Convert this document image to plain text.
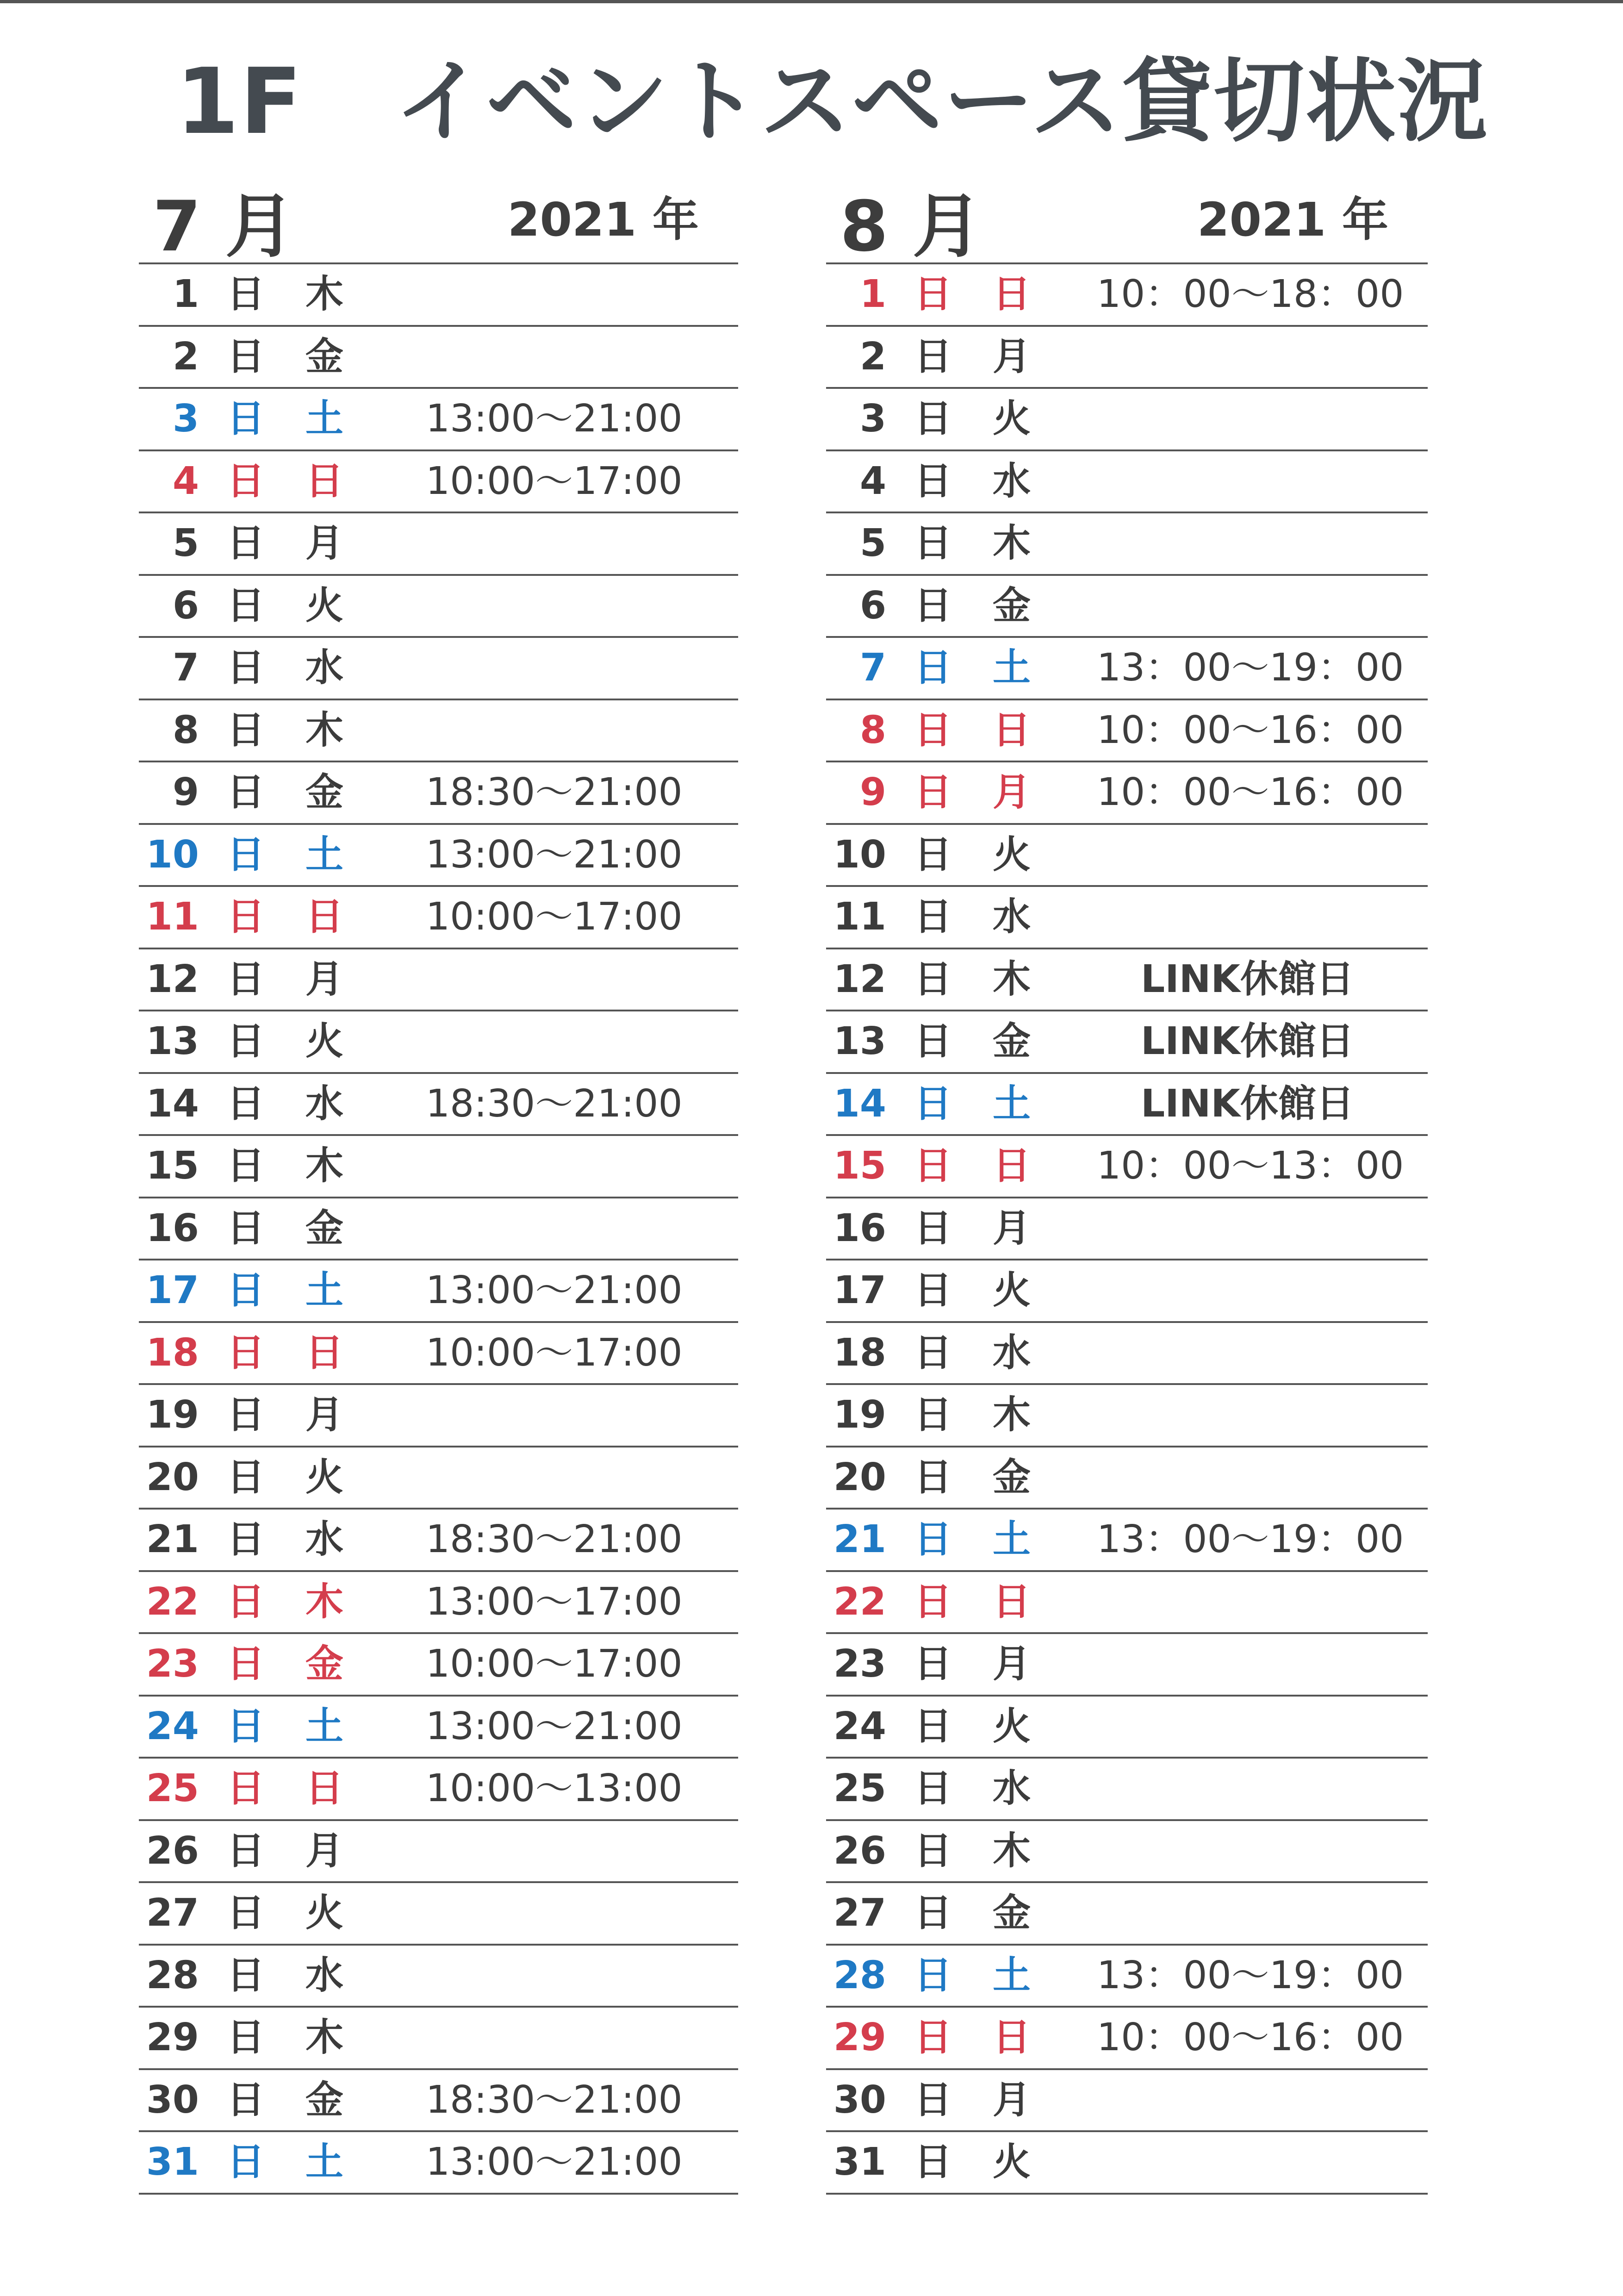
1F　イベントスペース貸切状況
7 月	2021 年
1 日 木
2 日 金
3 日 土 13:00～21:00
4 日 日 10:00～17:00
5 日 月
6 日 火
7 日 水
8 日 木
9 日 金 18:30～21:00
10 日 土 13:00～21:00
11 日 日 10:00～17:00
12 日 月
13 日 火
14 日 水 18:30～21:00
15 日 木
16 日 金
17 日 土 13:00～21:00
18 日 日 10:00～17:00
19 日 月
20 日 火
21 日 水 18:30～21:00
22 日 木 13:00～17:00
23 日 金 10:00～17:00
24 日 土 13:00～21:00
25 日 日 10:00～13:00
26 日 月
27 日 火
28 日 水
29 日 木
30 日 金 18:30～21:00
31 日 土 13:00～21:00
8 月	2021 年
1 日 日 10：00～18：00
2 日 月
3 日 火
4 日 水
5 日 木
6 日 金
7 日 土 13：00～19：00
8 日 日 10：00～16：00
9 日 月 10：00～16：00
10 日 火
11 日 水
12 日 木	LINK休館日
13 日 金	LINK休館日
14 日 土	LINK休館日
15 日 日 10：00～13：00
16 日 月
17 日 火
18 日 水
19 日 木
20 日 金
21 日 土 13：00～19：00
22 日 日
23 日 月
24 日 火
25 日 水
26 日 木
27 日 金
28 日 土 13：00～19：00
29 日 日 10：00～16：00
30 日 月
31 日 火
